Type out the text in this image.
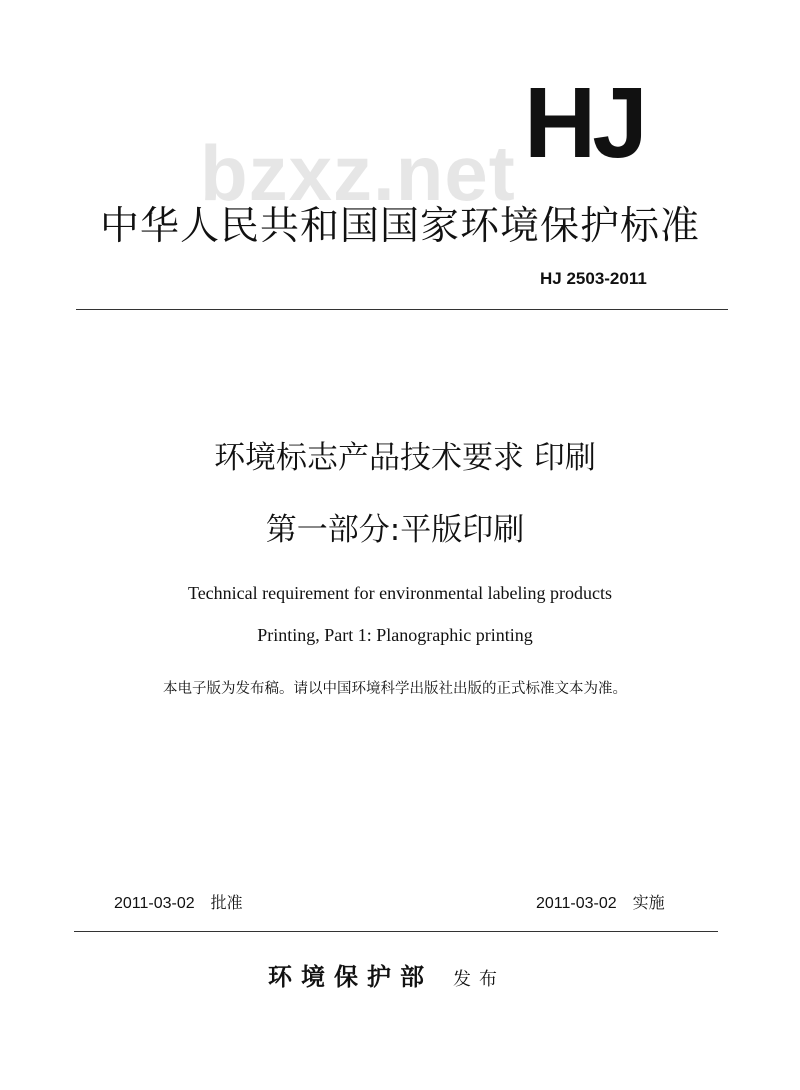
bzxz.net HJ
中华人民共和国国家环境保护标准
HJ 2503-2011
环境标志产品技术要求 印刷
第一部分:平版印刷
Technical requirement for environmental labeling products
Printing, Part 1: Planographic printing
本电子版为发布稿。请以中国环境科学出版社出版的正式标准文本为准。
2011-03-02 批准	2011-03-02 实施
环境保护部 发布
